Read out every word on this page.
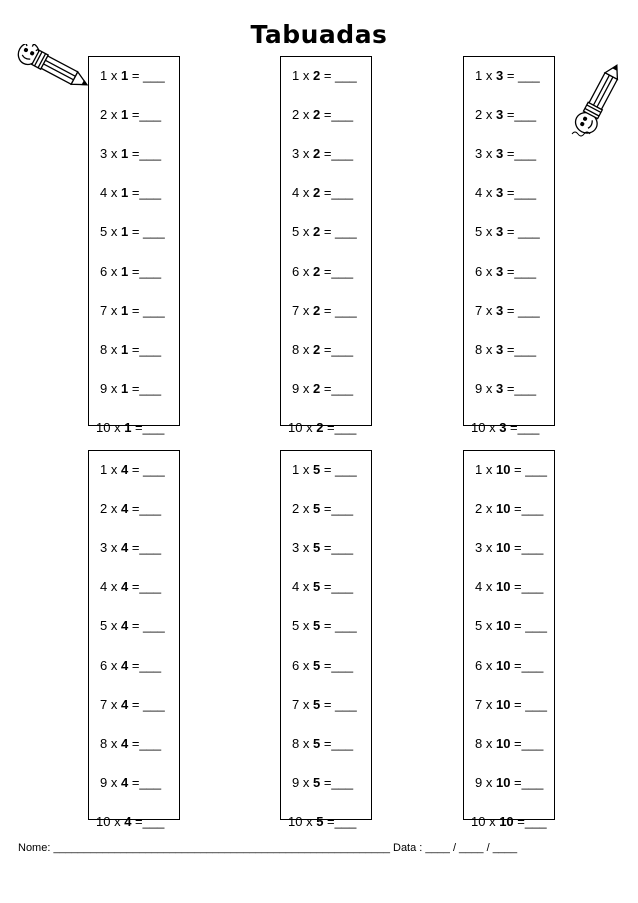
Tabuadas
1 x 1 = ___
2 x 1 =___
3 x 1 =___
4 x 1 =___
5 x 1 = ___
6 x 1 =___
7 x 1 = ___
8 x 1 =___
9 x 1 =___
10 x 1 =___
1 x 2 = ___
2 x 2 =___
3 x 2 =___
4 x 2 =___
5 x 2 = ___
6 x 2 =___
7 x 2 = ___
8 x 2 =___
9 x 2 =___
10 x 2 =___
1 x 3 = ___
2 x 3 =___
3 x 3 =___
4 x 3 =___
5 x 3 = ___
6 x 3 =___
7 x 3 = ___
8 x 3 =___
9 x 3 =___
10 x 3 =___
1 x 4 = ___
2 x 4 =___
3 x 4 =___
4 x 4 =___
5 x 4 = ___
6 x 4 =___
7 x 4 = ___
8 x 4 =___
9 x 4 =___
10 x 4 =___
1 x 5 = ___
2 x 5 =___
3 x 5 =___
4 x 5 =___
5 x 5 = ___
6 x 5 =___
7 x 5 = ___
8 x 5 =___
9 x 5 =___
10 x 5 =___
1 x 10 = ___
2 x 10 =___
3 x 10 =___
4 x 10 =___
5 x 10 = ___
6 x 10 =___
7 x 10 = ___
8 x 10 =___
9 x 10 =___
10 x 10 =___
Nome: _______________________________________________________ Data : ____ / ____ / ____
